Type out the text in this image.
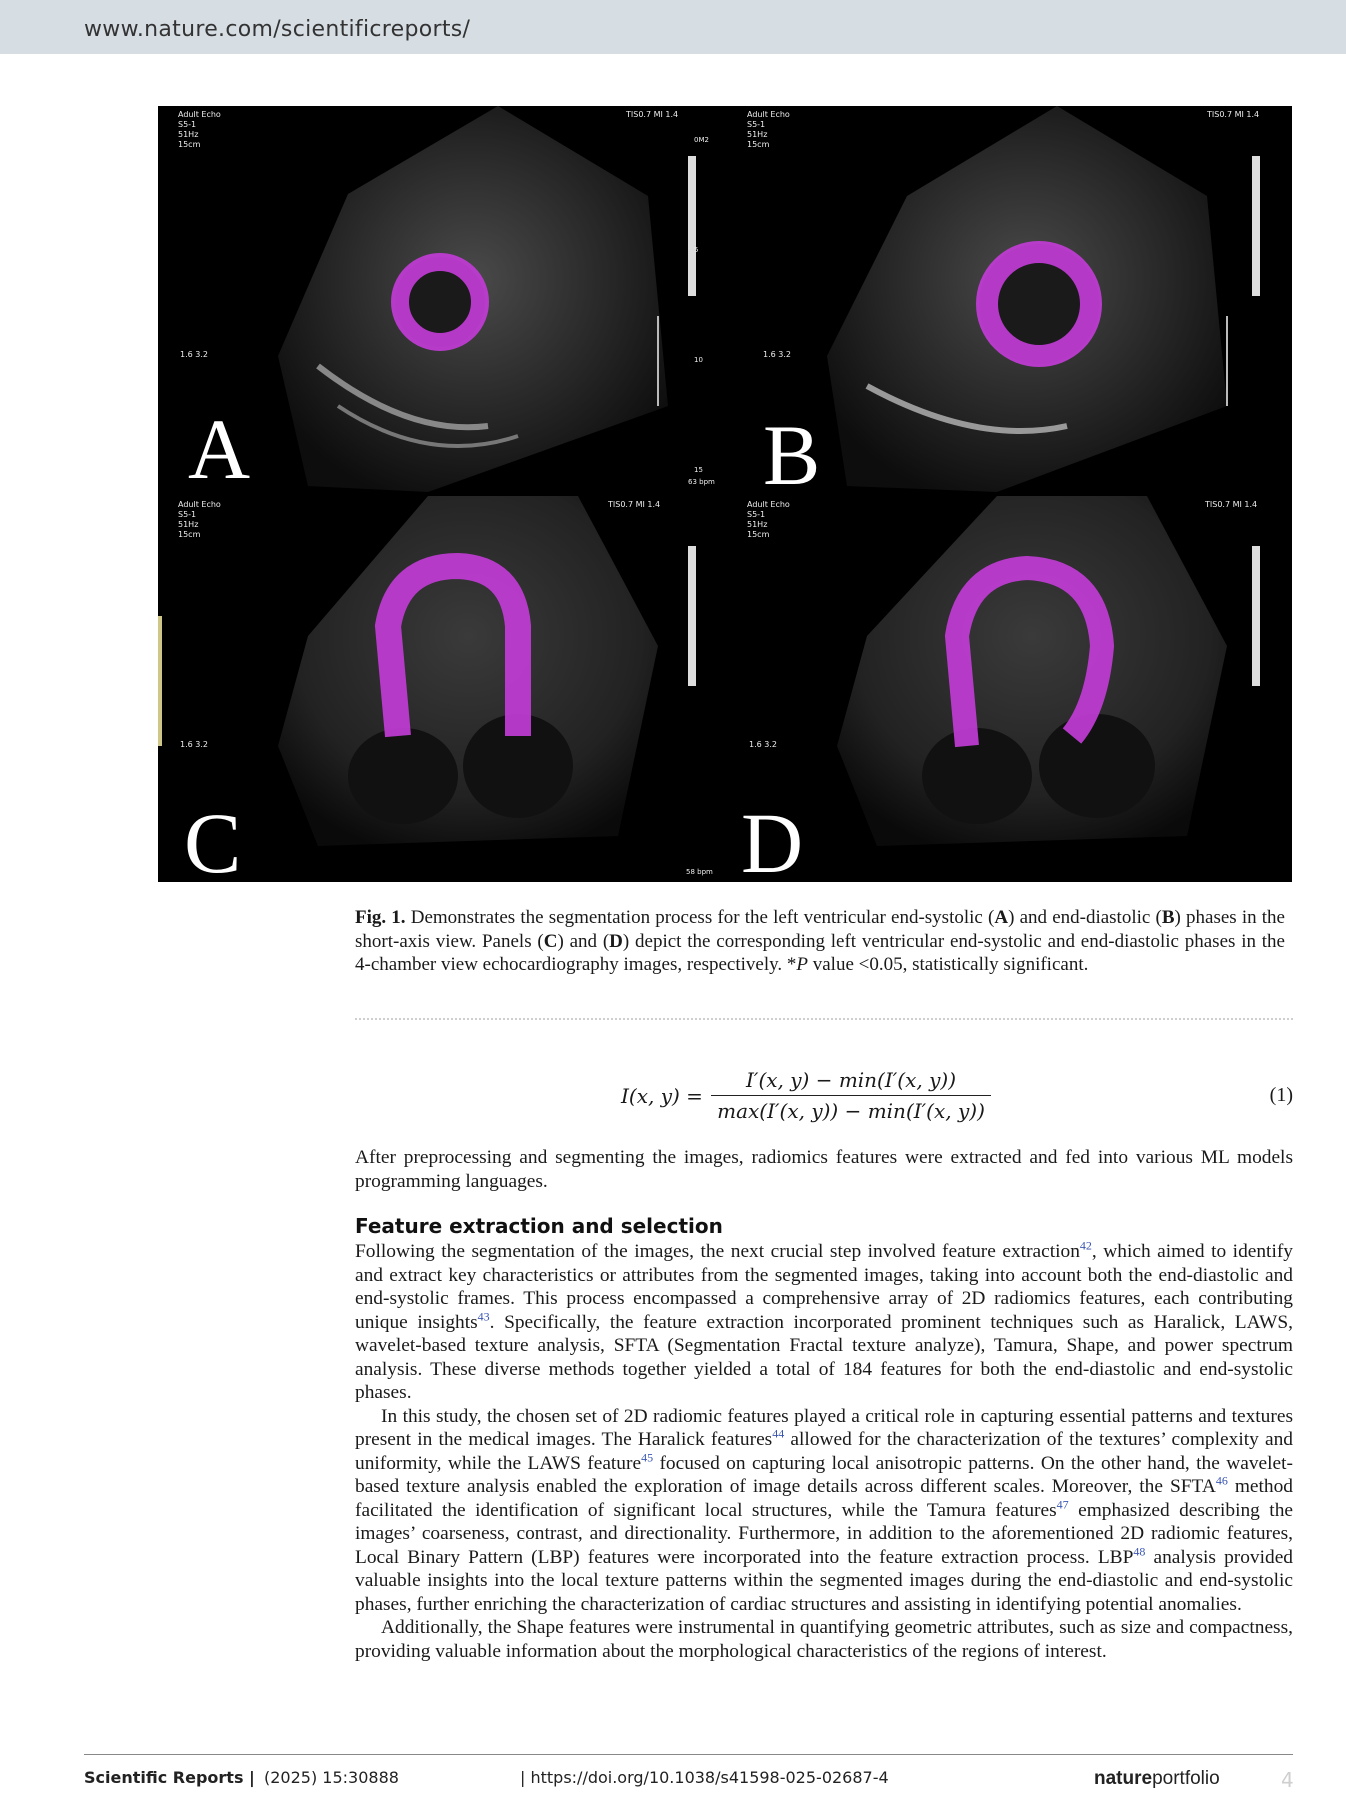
www.nature.com/scientificreports/
Adult Echo
S5-1
51Hz
15cm
TIS0.7 MI 1.4
0M2
5
10
15
63 bpm
1.6 3.2
A
Adult Echo
S5-1
51Hz
15cm
TIS0.7 MI 1.4
1.6 3.2
B
Adult Echo
S5-1
51Hz
15cm
TIS0.7 MI 1.4
1.6 3.2
58 bpm
C
Adult Echo
S5-1
51Hz
15cm
TIS0.7 MI 1.4
1.6 3.2
D
Fig. 1. Demonstrates the segmentation process for the left ventricular end-systolic (A) and end-diastolic (B) phases in the short-axis view. Panels (C) and (D) depict the corresponding left ventricular end-systolic and end-diastolic phases in the 4-chamber view echocardiography images, respectively. *P value <0.05, statistically significant.
I(x, y) =
I′(x, y) − min(I′(x, y))
max(I′(x, y)) − min(I′(x, y))
(1)
After preprocessing and segmenting the images, radiomics features were extracted and fed into various ML models programming languages.
Feature extraction and selection

Following the segmentation of the images, the next crucial step involved feature extraction$^{42}$, which aimed to identify and extract key characteristics or attributes from the segmented images, taking into account both the end-diastolic and end-systolic frames. This process encompassed a comprehensive array of 2D radiomics features, each contributing unique insights$^{43}$. Specifically, the feature extraction incorporated prominent techniques such as Haralick, LAWS, wavelet-based texture analysis, SFTA (Segmentation Fractal texture analyze), Tamura, Shape, and power spectrum analysis. These diverse methods together yielded a total of 184 features for both the end-diastolic and end-systolic phases.

In this study, the chosen set of 2D radiomic features played a critical role in capturing essential patterns and textures present in the medical images. The Haralick features$^{44}$ allowed for the characterization of the textures’ complexity and uniformity, while the LAWS feature$^{45}$ focused on capturing local anisotropic patterns. On the other hand, the wavelet-based texture analysis enabled the exploration of image details across different scales. Moreover, the SFTA$^{46}$ method facilitated the identification of significant local structures, while the Tamura features$^{47}$ emphasized describing the images’ coarseness, contrast, and directionality. Furthermore, in addition to the aforementioned 2D radiomic features, Local Binary Pattern (LBP) features were incorporated into the feature extraction process. LBP$^{48}$ analysis provided valuable insights into the local texture patterns within the segmented images during the end-diastolic and end-systolic phases, further enriching the characterization of cardiac structures and assisting in identifying potential anomalies.

Additionally, the Shape features were instrumental in quantifying geometric attributes, such as size and compactness, providing valuable information about the morphological characteristics of the regions of interest.

Scientific Reports | (2025) 15:30888	| https://doi.org/10.1038/s41598-025-02687-4	natureportfolio	4
